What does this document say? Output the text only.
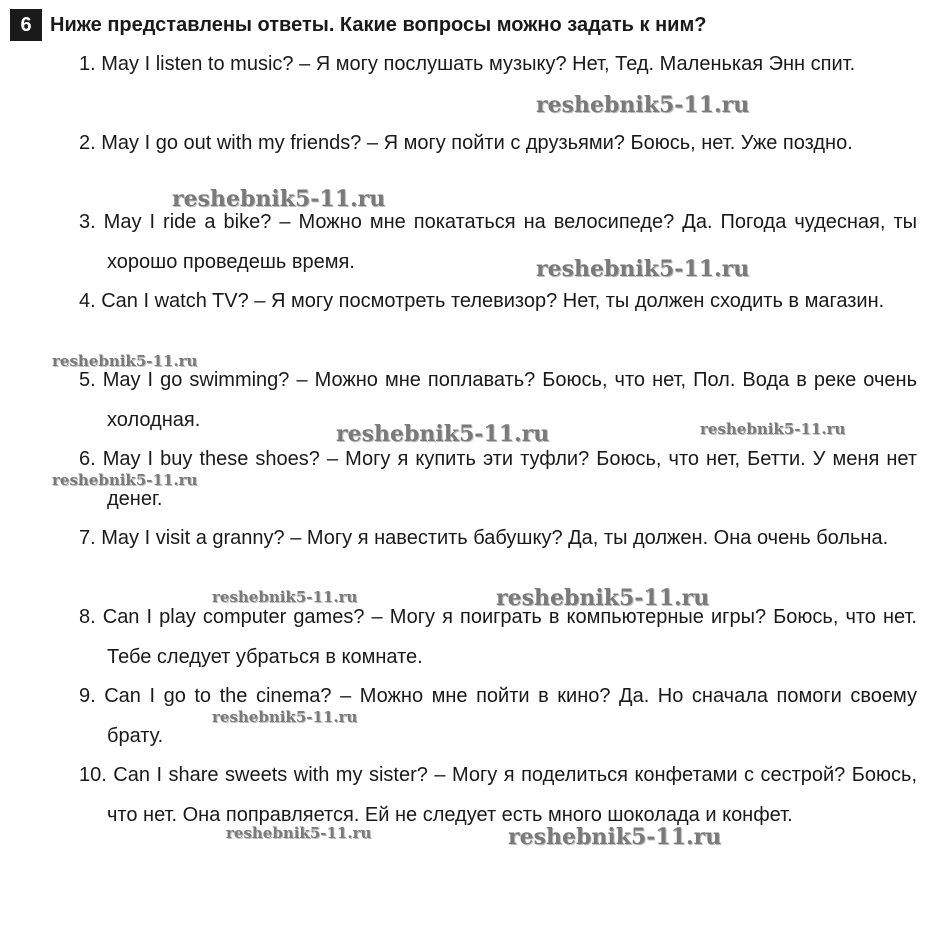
6 Ниже представлены ответы. Какие вопросы можно задать к ним?
1. May I listen to music? – Я могу послушать музыку? Нет, Тед. Маленькая Энн спит.
2. May I go out with my friends? – Я могу пойти с друзьями? Боюсь, нет. Уже поздно.
3. May I ride a bike? – Можно мне покататься на велосипеде? Да. Погода чудесная, ты хорошо проведешь время.
4. Can I watch TV? – Я могу посмотреть телевизор? Нет, ты должен сходить в магазин.
5. May I go swimming? – Можно мне поплавать? Боюсь, что нет, Пол. Вода в реке очень холодная.
6. May I buy these shoes? – Могу я купить эти туфли? Боюсь, что нет, Бетти. У меня нет денег.
7. May I visit a granny? – Могу я навестить бабушку? Да, ты должен. Она очень больна.
8. Can I play computer games? – Могу я поиграть в компьютерные игры? Боюсь, что нет. Тебе следует убраться в комнате.
9. Can I go to the cinema? – Можно мне пойти в кино? Да. Но сначала помоги своему брату.
10. Can I share sweets with my sister? – Могу я поделиться конфетами с сестрой? Боюсь, что нет. Она поправляется. Ей не следует есть много шоколада и конфет.
reshebnik5-11.ru
reshebnik5-11.ru
reshebnik5-11.ru
reshebnik5-11.ru
reshebnik5-11.ru	reshebnik5-11.ru
reshebnik5-11.ru
reshebnik5-11.ru	reshebnik5-11.ru
reshebnik5-11.ru
reshebnik5-11.ru	reshebnik5-11.ru
